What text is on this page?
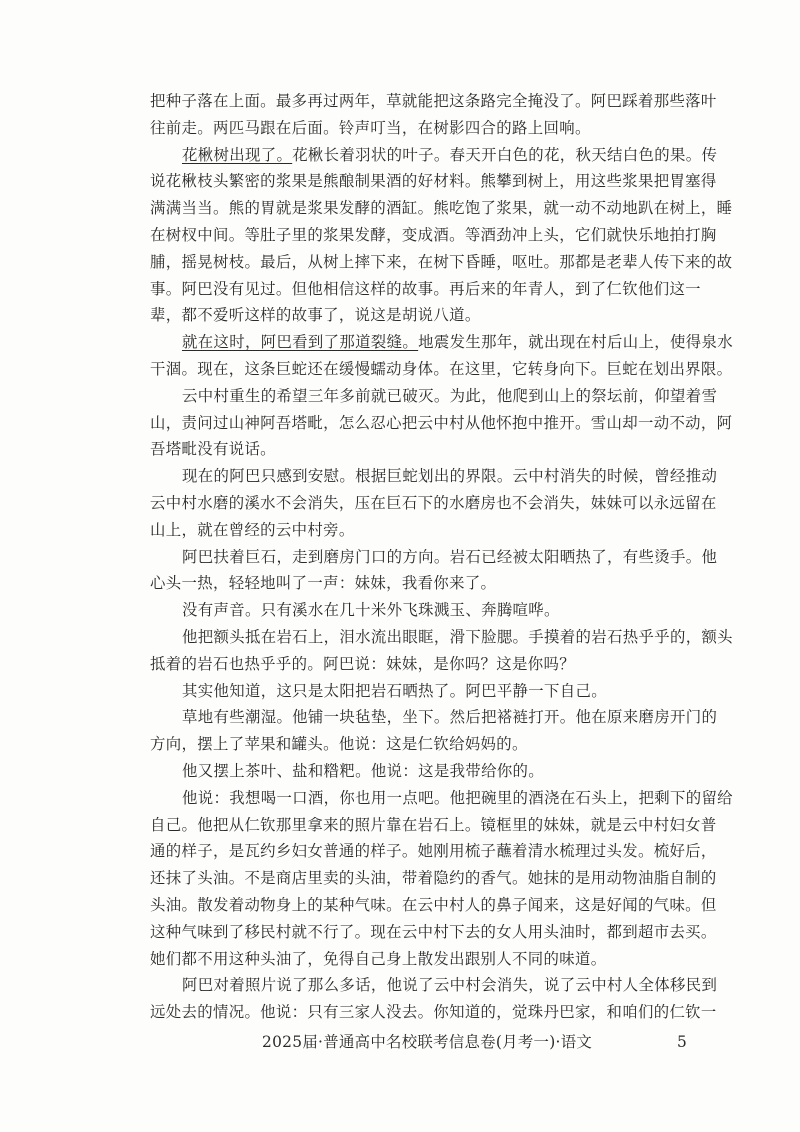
把种子落在上面。最多再过两年，草就能把这条路完全掩没了。阿巴踩着那些落叶
往前走。两匹马跟在后面。铃声叮当，在树影四合的路上回响。
花楸树出现了。花楸长着羽状的叶子。春天开白色的花，秋天结白色的果。传
说花楸枝头繁密的浆果是熊酿制果酒的好材料。熊攀到树上，用这些浆果把胃塞得
满满当当。熊的胃就是浆果发酵的酒缸。熊吃饱了浆果，就一动不动地趴在树上，睡
在树杈中间。等肚子里的浆果发酵，变成酒。等酒劲冲上头，它们就快乐地拍打胸
脯，摇晃树枝。最后，从树上摔下来，在树下昏睡，呕吐。那都是老辈人传下来的故
事。阿巴没有见过。但他相信这样的故事。再后来的年青人，到了仁钦他们这一
辈，都不爱听这样的故事了，说这是胡说八道。
就在这时，阿巴看到了那道裂缝。地震发生那年，就出现在村后山上，使得泉水
干涸。现在，这条巨蛇还在缓慢蠕动身体。在这里，它转身向下。巨蛇在划出界限。
云中村重生的希望三年多前就已破灭。为此，他爬到山上的祭坛前，仰望着雪
山，责问过山神阿吾塔毗，怎么忍心把云中村从他怀抱中推开。雪山却一动不动，阿
吾塔毗没有说话。
现在的阿巴只感到安慰。根据巨蛇划出的界限。云中村消失的时候，曾经推动
云中村水磨的溪水不会消失，压在巨石下的水磨房也不会消失，妹妹可以永远留在
山上，就在曾经的云中村旁。
阿巴扶着巨石，走到磨房门口的方向。岩石已经被太阳晒热了，有些烫手。他
心头一热，轻轻地叫了一声：妹妹，我看你来了。
没有声音。只有溪水在几十米外飞珠溅玉、奔腾喧哗。
他把额头抵在岩石上，泪水流出眼眶，滑下脸腮。手摸着的岩石热乎乎的，额头
抵着的岩石也热乎乎的。阿巴说：妹妹，是你吗？这是你吗？
其实他知道，这只是太阳把岩石晒热了。阿巴平静一下自己。
草地有些潮湿。他铺一块毡垫，坐下。然后把褡裢打开。他在原来磨房开门的
方向，摆上了苹果和罐头。他说：这是仁钦给妈妈的。
他又摆上茶叶、盐和糌粑。他说：这是我带给你的。
他说：我想喝一口酒，你也用一点吧。他把碗里的酒浇在石头上，把剩下的留给
自己。他把从仁钦那里拿来的照片靠在岩石上。镜框里的妹妹，就是云中村妇女普
通的样子，是瓦约乡妇女普通的样子。她刚用梳子蘸着清水梳理过头发。梳好后，
还抹了头油。不是商店里卖的头油，带着隐约的香气。她抹的是用动物油脂自制的
头油。散发着动物身上的某种气味。在云中村人的鼻子闻来，这是好闻的气味。但
这种气味到了移民村就不行了。现在云中村下去的女人用头油时，都到超市去买。
她们都不用这种头油了，免得自己身上散发出跟别人不同的味道。
阿巴对着照片说了那么多话，他说了云中村会消失，说了云中村人全体移民到
远处去的情况。他说：只有三家人没去。你知道的，觉珠丹巴家，和咱们的仁钦一
2025届·普通高中名校联考信息卷(月考一)·语文	5
